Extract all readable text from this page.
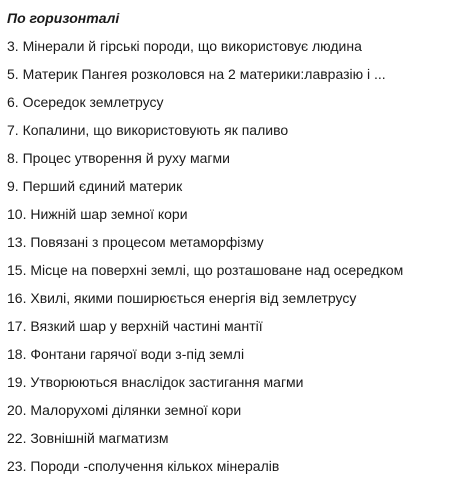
По горизонталі
3. Мінерали й гірські породи, що використовує людина
5. Материк Пангея розколовся на 2 материки:лавразію і ...
6. Осередок землетрусу
7. Копалини, що використовують як паливо
8. Процес утворення й руху магми
9. Перший єдиний материк
10. Нижній шар земної кори
13. Повязані з процесом метаморфізму
15. Місце на поверхні землі, що розташоване над осередком
16. Хвилі, якими поширюється енергія від землетрусу
17. Вязкий шар у верхній частині мантії
18. Фонтани гарячої води з-під землі
19. Утворюються внаслідок застигання магми
20. Малорухомі ділянки земної кори
22. Зовнішній магматизм
23. Породи -сполучення кількох мінералів
